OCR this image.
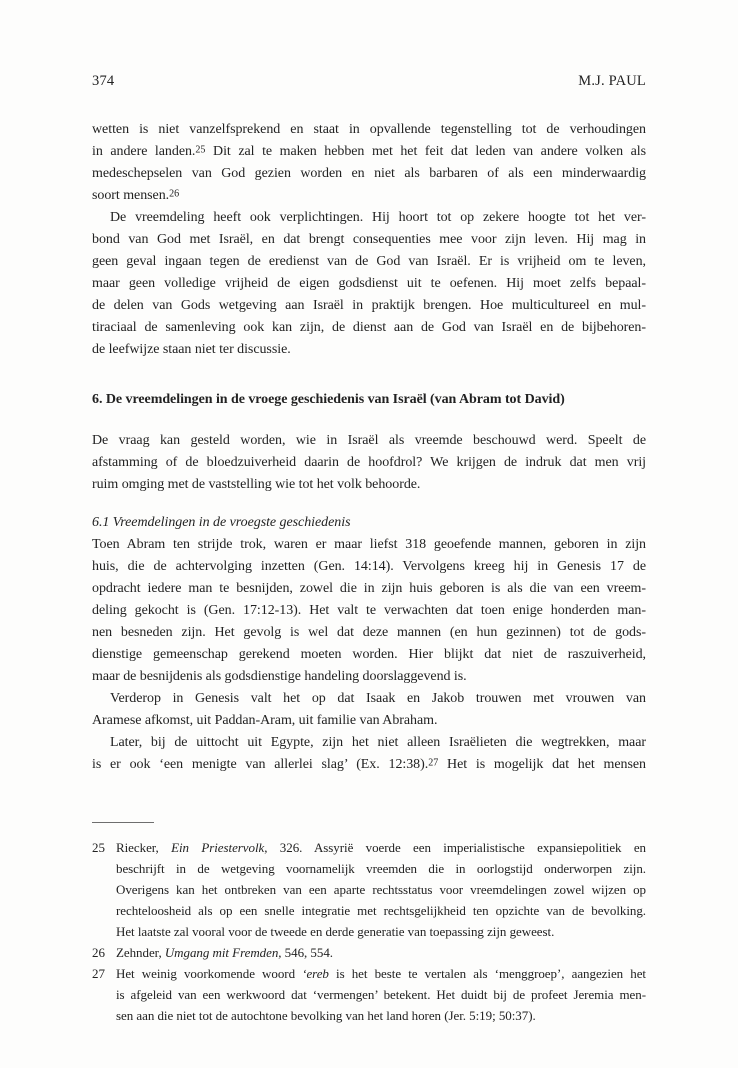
374	M.J. PAUL
wetten is niet vanzelfsprekend en staat in opvallende tegenstelling tot de verhoudingen
in andere landen.$^{25}$ Dit zal te maken hebben met het feit dat leden van andere volken als
medeschepselen van God gezien worden en niet als barbaren of als een minderwaardig
soort mensen.$^{26}$
De vreemdeling heeft ook verplichtingen. Hij hoort tot op zekere hoogte tot het ver-
bond van God met Israël, en dat brengt consequenties mee voor zijn leven. Hij mag in
geen geval ingaan tegen de eredienst van de God van Israël. Er is vrijheid om te leven,
maar geen volledige vrijheid de eigen godsdienst uit te oefenen. Hij moet zelfs bepaal-
de delen van Gods wetgeving aan Israël in praktijk brengen. Hoe multicultureel en mul-
tiraciaal de samenleving ook kan zijn, de dienst aan de God van Israël en de bijbehoren-
de leefwijze staan niet ter discussie.
6. De vreemdelingen in de vroege geschiedenis van Israël (van Abram tot David)
De vraag kan gesteld worden, wie in Israël als vreemde beschouwd werd. Speelt de
afstamming of de bloedzuiverheid daarin de hoofdrol? We krijgen de indruk dat men vrij
ruim omging met de vaststelling wie tot het volk behoorde.
6.1 Vreemdelingen in de vroegste geschiedenis
Toen Abram ten strijde trok, waren er maar liefst 318 geoefende mannen, geboren in zijn
huis, die de achtervolging inzetten (Gen. 14:14). Vervolgens kreeg hij in Genesis 17 de
opdracht iedere man te besnijden, zowel die in zijn huis geboren is als die van een vreem-
deling gekocht is (Gen. 17:12-13). Het valt te verwachten dat toen enige honderden man-
nen besneden zijn. Het gevolg is wel dat deze mannen (en hun gezinnen) tot de gods-
dienstige gemeenschap gerekend moeten worden. Hier blijkt dat niet de raszuiverheid,
maar de besnijdenis als godsdienstige handeling doorslaggevend is.
Verderop in Genesis valt het op dat Isaak en Jakob trouwen met vrouwen van
Aramese afkomst, uit Paddan-Aram, uit familie van Abraham.
Later, bij de uittocht uit Egypte, zijn het niet alleen Israëlieten die wegtrekken, maar
is er ook ‘een menigte van allerlei slag’ (Ex. 12:38).$^{27}$ Het is mogelijk dat het mensen
25 Riecker, Ein Priestervolk, 326. Assyrië voerde een imperialistische expansiepolitiek en
beschrijft in de wetgeving voornamelijk vreemden die in oorlogstijd onderworpen zijn.
Overigens kan het ontbreken van een aparte rechtsstatus voor vreemdelingen zowel wijzen op
rechteloosheid als op een snelle integratie met rechtsgelijkheid ten opzichte van de bevolking.
Het laatste zal vooral voor de tweede en derde generatie van toepassing zijn geweest.
26 Zehnder, Umgang mit Fremden, 546, 554.
27 Het weinig voorkomende woord ‘ereb is het beste te vertalen als ‘menggroep’, aangezien het
is afgeleid van een werkwoord dat ‘vermengen’ betekent. Het duidt bij de profeet Jeremia men-
sen aan die niet tot de autochtone bevolking van het land horen (Jer. 5:19; 50:37).
